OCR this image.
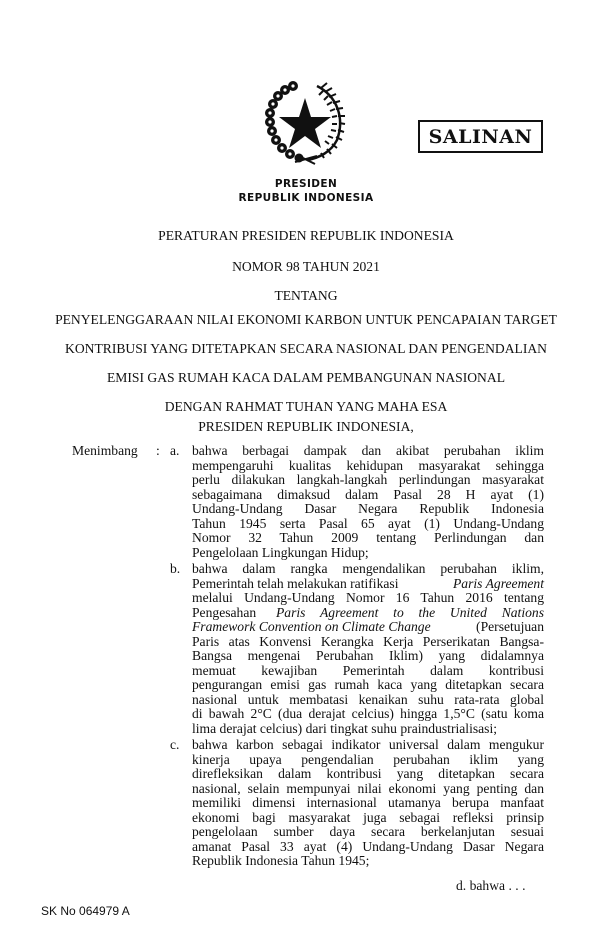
SALINAN
PRESIDEN
REPUBLIK INDONESIA
PERATURAN PRESIDEN REPUBLIK INDONESIA
NOMOR 98 TAHUN 2021
TENTANG
PENYELENGGARAAN NILAI EKONOMI KARBON UNTUK PENCAPAIAN TARGET
KONTRIBUSI YANG DITETAPKAN SECARA NASIONAL DAN PENGENDALIAN
EMISI GAS RUMAH KACA DALAM PEMBANGUNAN NASIONAL
DENGAN RAHMAT TUHAN YANG MAHA ESA
PRESIDEN REPUBLIK INDONESIA,
Menimbang : a. bahwa berbagai dampak dan akibat perubahan iklim
mempengaruhi kualitas kehidupan masyarakat sehingga
perlu dilakukan langkah-langkah perlindungan masyarakat
sebagaimana dimaksud dalam Pasal 28 H ayat (1)
Undang-Undang Dasar Negara Republik Indonesia
Tahun 1945 serta Pasal 65 ayat (1) Undang-Undang
Nomor 32 Tahun 2009 tentang Perlindungan dan
Pengelolaan Lingkungan Hidup;
b. bahwa dalam rangka mengendalikan perubahan iklim,
Pemerintah telah melakukan ratifikasi	Paris Agreement
melalui Undang-Undang Nomor 16 Tahun 2016 tentang
Pengesahan Paris Agreement to the United Nations
Framework Convention on Climate Change	(Persetujuan
Paris atas Konvensi Kerangka Kerja Perserikatan Bangsa-
Bangsa mengenai Perubahan Iklim) yang didalamnya
memuat kewajiban Pemerintah dalam kontribusi
pengurangan emisi gas rumah kaca yang ditetapkan secara
nasional untuk membatasi kenaikan suhu rata-rata global
di bawah 2°C (dua derajat celcius) hingga 1,5°C (satu koma
lima derajat celcius) dari tingkat suhu praindustrialisasi;
c. bahwa karbon sebagai indikator universal dalam mengukur
kinerja upaya pengendalian perubahan iklim yang
direfleksikan dalam kontribusi yang ditetapkan secara
nasional, selain mempunyai nilai ekonomi yang penting dan
memiliki dimensi internasional utamanya berupa manfaat
ekonomi bagi masyarakat juga sebagai refleksi prinsip
pengelolaan sumber daya secara berkelanjutan sesuai
amanat Pasal 33 ayat (4) Undang-Undang Dasar Negara
Republik Indonesia Tahun 1945;
d. bahwa . . .
SK No 064979 A
